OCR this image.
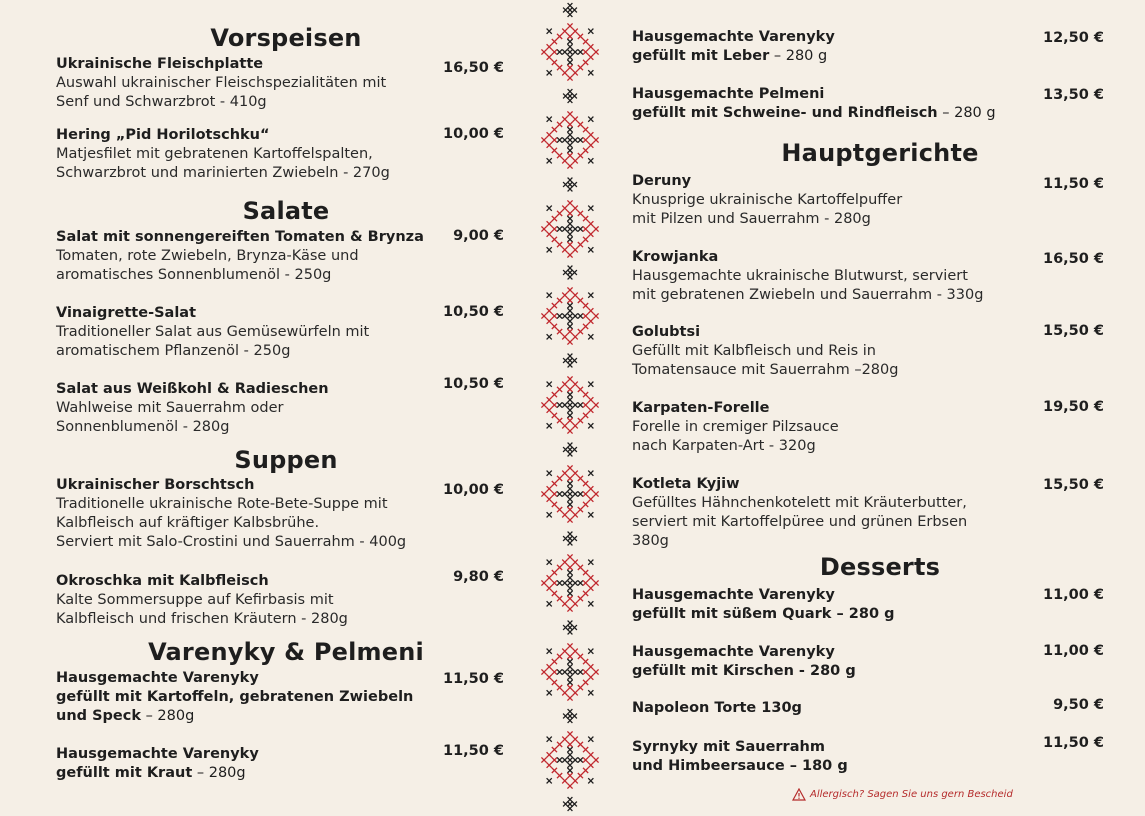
Vorspeisen
Ukrainische Fleischplatte
Auswahl ukrainischer Fleischspezialitäten mit
Senf und Schwarzbrot - 410g
16,50 €
Hering „Pid Horilotschku“
Matjesfilet mit gebratenen Kartoffelspalten,
Schwarzbrot und marinierten Zwiebeln - 270g
10,00 €
Salate
Salat mit sonnengereiften Tomaten & Brynza
Tomaten, rote Zwiebeln, Brynza-Käse und
aromatisches Sonnenblumenöl - 250g
9,00 €
Vinaigrette-Salat
Traditioneller Salat aus Gemüsewürfeln mit
aromatischem Pflanzenöl - 250g
10,50 €
Salat aus Weißkohl & Radieschen
Wahlweise mit Sauerrahm oder
Sonnenblumenöl - 280g
10,50 €
Suppen
Ukrainischer Borschtsch
Traditionelle ukrainische Rote-Bete-Suppe mit
Kalbfleisch auf kräftiger Kalbsbrühe.
Serviert mit Salo-Crostini und Sauerrahm - 400g
10,00 €
Okroschka mit Kalbfleisch
Kalte Sommersuppe auf Kefirbasis mit
Kalbfleisch und frischen Kräutern - 280g
9,80 €
Varenyky & Pelmeni
Hausgemachte Varenyky
gefüllt mit Kartoffeln, gebratenen Zwiebeln
und Speck – 280g
11,50 €
Hausgemachte Varenyky
gefüllt mit Kraut – 280g
11,50 €
Hausgemachte Varenyky
gefüllt mit Leber – 280 g
12,50 €
Hausgemachte Pelmeni
gefüllt mit Schweine- und Rindfleisch – 280 g
13,50 €
Hauptgerichte
Deruny
Knusprige ukrainische Kartoffelpuffer
mit Pilzen und Sauerrahm - 280g
11,50 €
Krowjanka
Hausgemachte ukrainische Blutwurst, serviert
mit gebratenen Zwiebeln und Sauerrahm - 330g
16,50 €
Golubtsi
Gefüllt mit Kalbfleisch und Reis in
Tomatensauce mit Sauerrahm –280g
15,50 €
Karpaten-Forelle
Forelle in cremiger Pilzsauce
nach Karpaten-Art - 320g
19,50 €
Kotleta Kyjiw
Gefülltes Hähnchenkotelett mit Kräuterbutter,
serviert mit Kartoffelpüree und grünen Erbsen
380g
15,50 €
Desserts
Hausgemachte Varenyky
gefüllt mit süßem Quark – 280 g
11,00 €
Hausgemachte Varenyky
gefüllt mit Kirschen - 280 g
11,00 €
Napoleon Torte 130g	9,50 €
Syrnyky mit Sauerrahm
und Himbeersauce – 180 g
11,50 €
Allergisch? Sagen Sie uns gern Bescheid
